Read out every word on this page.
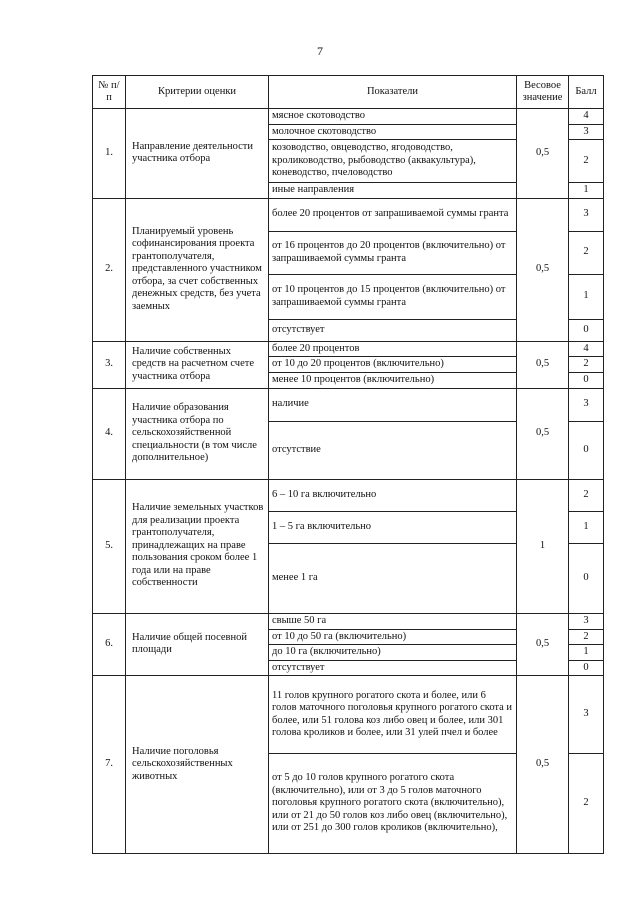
7
№ п/п	Критерии оценки	Показатели	Весовое значение	Балл
1.	Направление деятельности участника отбора	мясное скотоводство	0,5	4
		молочное скотоводство		3
		козоводство, овцеводство, ягодоводство, кролиководство, рыбоводство (аквакультура), коневодство, пчеловодство		2
		иные направления		1
2.	Планируемый уровень софинансирования проекта грантополучателя, представленного участником отбора, за счет собственных денежных средств, без учета заемных	более 20 процентов от запрашиваемой суммы гранта	0,5	3
		от 16 процентов до 20 процентов (включительно) от запрашиваемой суммы гранта		2
		от 10 процентов до 15 процентов (включительно) от запрашиваемой суммы гранта		1
		отсутствует		0
3.	Наличие собственных средств на расчетном счете участника отбора	более 20 процентов	0,5	4
		от 10 до 20 процентов (включительно)		2
		менее 10 процентов (включительно)		0
4.	Наличие образования участника отбора по сельскохозяйственной специальности (в том числе дополнительное)	наличие	0,5	3
		отсутствие		0
5.	Наличие земельных участков для реализации проекта грантополучателя, принадлежащих на праве пользования сроком более 1 года или на праве собственности	6 – 10 га включительно	1	2
		1 – 5 га включительно		1
		менее 1 га		0
6.	Наличие общей посевной площади	свыше 50 га	0,5	3
		от 10 до 50 га (включительно)		2
		до 10 га (включительно)		1
		отсутствует		0
7.	Наличие поголовья сельскохозяйственных животных	11 голов крупного рогатого скота и более, или 6 голов маточного поголовья крупного рогатого скота и более, или 51 голова коз либо овец и более, или 301 голова кроликов и более, или 31 улей пчел и более	0,5	3
		от 5 до 10 голов крупного рогатого скота (включительно), или от 3 до 5 голов маточного поголовья крупного рогатого скота (включительно), или от 21 до 50 голов коз либо овец (включительно), или от 251 до 300 голов кроликов (включительно),		2
